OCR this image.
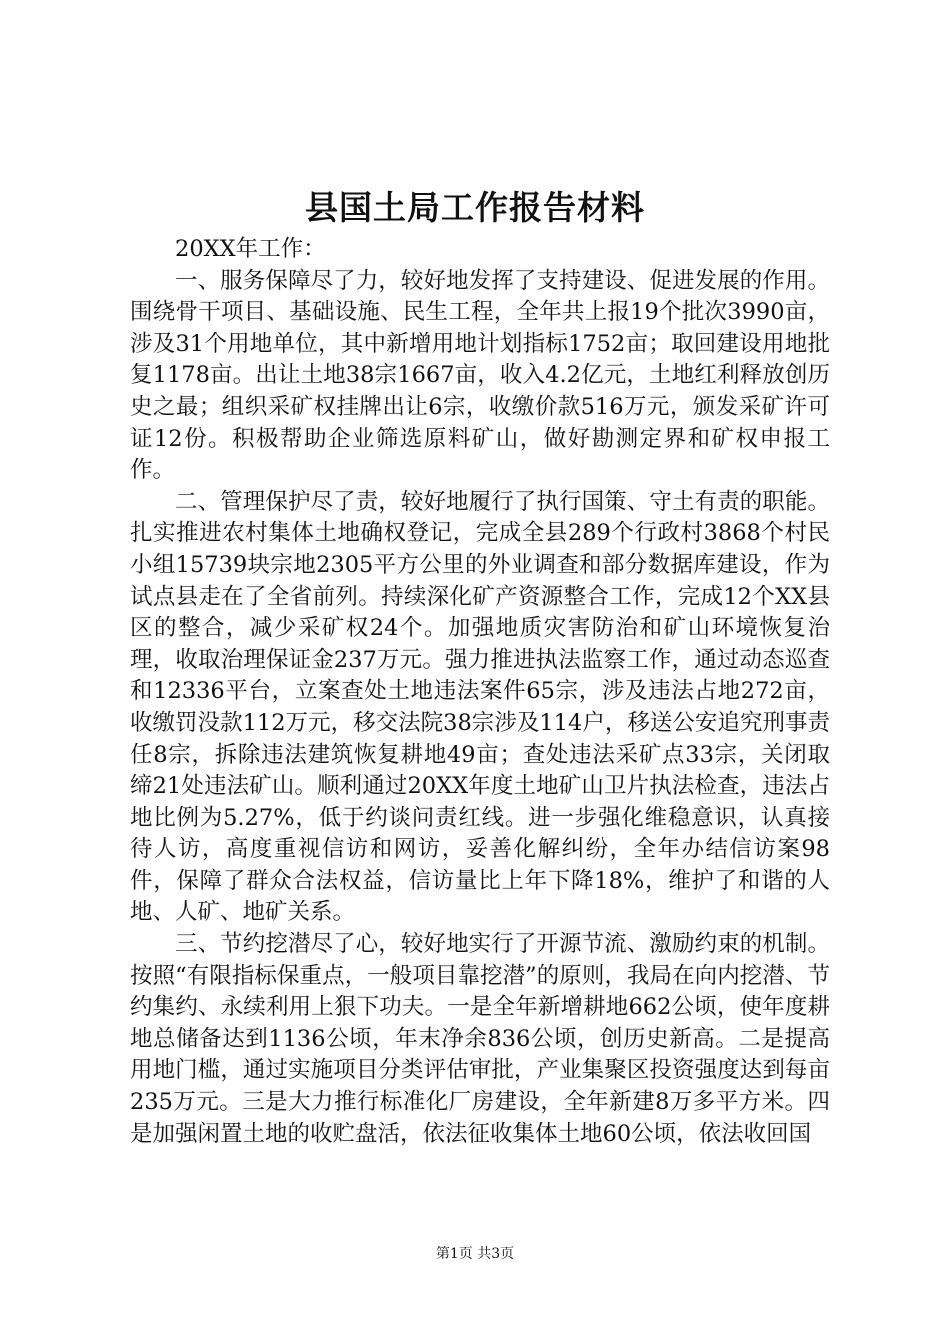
县国土局工作报告材料

20XX年工作：

一、服务保障尽了力，较好地发挥了支持建设、促进发展的作用。围绕骨干项目、基础设施、民生工程，全年共上报19个批次3990亩，涉及31个用地单位，其中新增用地计划指标1752亩；取回建设用地批复1178亩。出让土地38宗1667亩，收入4.2亿元，土地红利释放创历史之最；组织采矿权挂牌出让6宗，收缴价款516万元，颁发采矿许可证12份。积极帮助企业筛选原料矿山，做好勘测定界和矿权申报工作。

二、管理保护尽了责，较好地履行了执行国策、守土有责的职能。扎实推进农村集体土地确权登记，完成全县289个行政村3868个村民小组15739块宗地2305平方公里的外业调查和部分数据库建设，作为试点县走在了全省前列。持续深化矿产资源整合工作，完成12个XX县区的整合，减少采矿权24个。加强地质灾害防治和矿山环境恢复治理，收取治理保证金237万元。强力推进执法监察工作，通过动态巡查和12336平台，立案查处土地违法案件65宗，涉及违法占地272亩，收缴罚没款112万元，移交法院38宗涉及114户，移送公安追究刑事责任8宗，拆除违法建筑恢复耕地49亩；查处违法采矿点33宗，关闭取缔21处违法矿山。顺利通过20XX年度土地矿山卫片执法检查，违法占地比例为5.27%，低于约谈问责红线。进一步强化维稳意识，认真接待人访，高度重视信访和网访，妥善化解纠纷，全年办结信访案98件，保障了群众合法权益，信访量比上年下降18%，维护了和谐的人地、人矿、地矿关系。

三、节约挖潜尽了心，较好地实行了开源节流、激励约束的机制。按照“有限指标保重点，一般项目靠挖潜”的原则，我局在向内挖潜、节约集约、永续利用上狠下功夫。一是全年新增耕地662公顷，使年度耕地总储备达到1136公顷，年末净余836公顷，创历史新高。二是提高用地门槛，通过实施项目分类评估审批，产业集聚区投资强度达到每亩235万元。三是大力推行标准化厂房建设，全年新建8万多平方米。四是加强闲置土地的收贮盘活，依法征收集体土地60公顷，依法收回国

第1页 共3页
